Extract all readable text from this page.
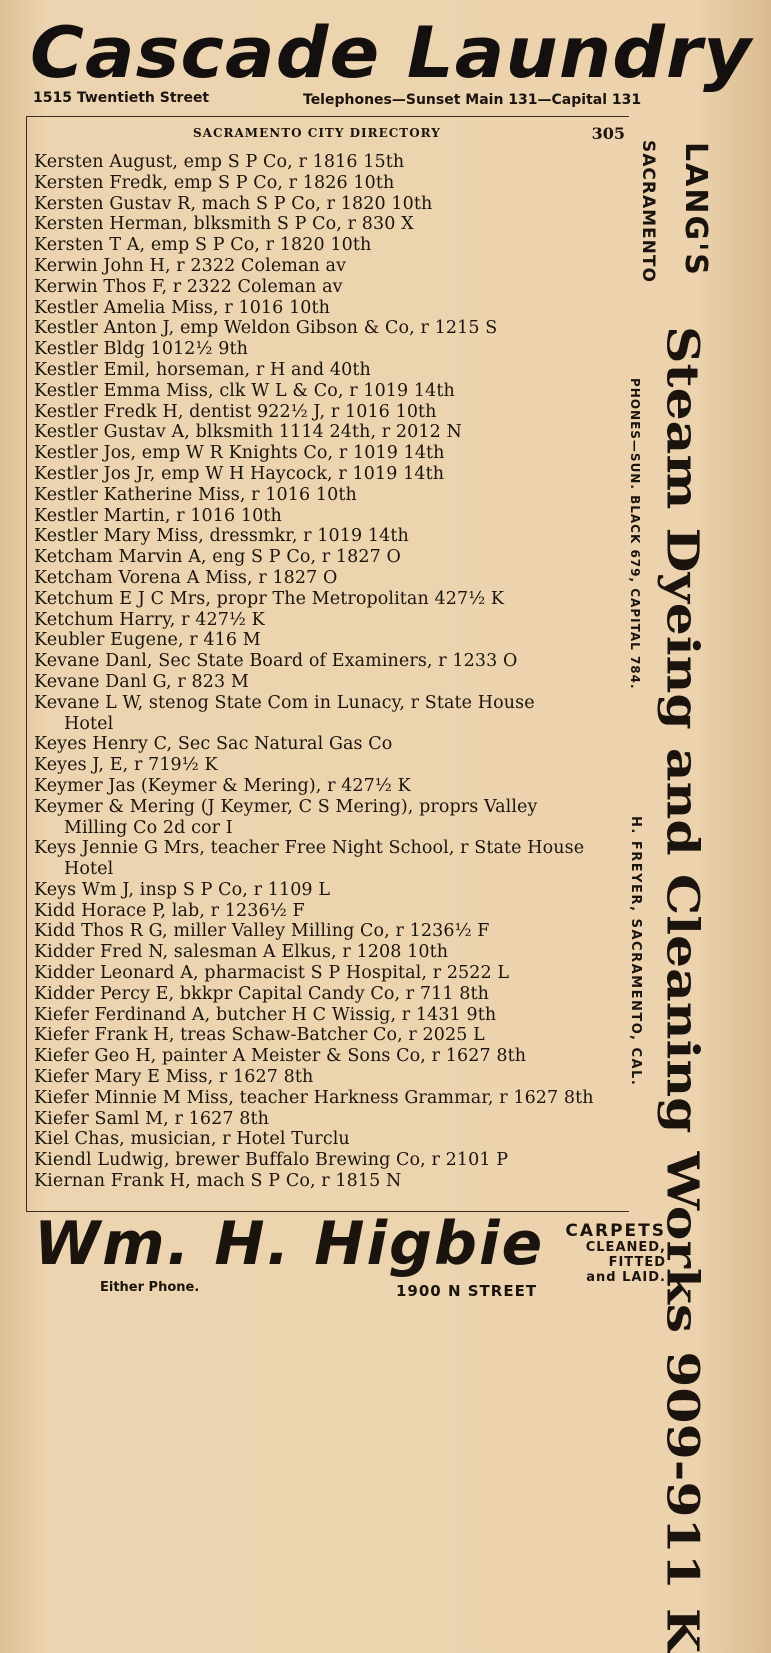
Cascade Laundry
1515 Twentieth Street	Telephones—Sunset Main 131—Capital 131
SACRAMENTO CITY DIRECTORY	305
Kersten August, emp S P Co, r 1816 15th
Kersten Fredk, emp S P Co, r 1826 10th
Kersten Gustav R, mach S P Co, r 1820 10th
Kersten Herman, blksmith S P Co, r 830 X
Kersten T A, emp S P Co, r 1820 10th
Kerwin John H, r 2322 Coleman av
Kerwin Thos F, r 2322 Coleman av
Kestler Amelia Miss, r 1016 10th
Kestler Anton J, emp Weldon Gibson & Co, r 1215 S
Kestler Bldg 1012½ 9th
Kestler Emil, horseman, r H and 40th
Kestler Emma Miss, clk W L & Co, r 1019 14th
Kestler Fredk H, dentist 922½ J, r 1016 10th
Kestler Gustav A, blksmith 1114 24th, r 2012 N
Kestler Jos, emp W R Knights Co, r 1019 14th
Kestler Jos Jr, emp W H Haycock, r 1019 14th
Kestler Katherine Miss, r 1016 10th
Kestler Martin, r 1016 10th
Kestler Mary Miss, dressmkr, r 1019 14th
Ketcham Marvin A, eng S P Co, r 1827 O
Ketcham Vorena A Miss, r 1827 O
Ketchum E J C Mrs, propr The Metropolitan 427½ K
Ketchum Harry, r 427½ K
Keubler Eugene, r 416 M
Kevane Danl, Sec State Board of Examiners, r 1233 O
Kevane Danl G, r 823 M
Kevane L W, stenog State Com in Lunacy, r State House
Hotel
Keyes Henry C, Sec Sac Natural Gas Co
Keyes J, E, r 719½ K
Keymer Jas (Keymer & Mering), r 427½ K
Keymer & Mering (J Keymer, C S Mering), proprs Valley
Milling Co 2d cor I
Keys Jennie G Mrs, teacher Free Night School, r State House
Hotel
Keys Wm J, insp S P Co, r 1109 L
Kidd Horace P, lab, r 1236½ F
Kidd Thos R G, miller Valley Milling Co, r 1236½ F
Kidder Fred N, salesman A Elkus, r 1208 10th
Kidder Leonard A, pharmacist S P Hospital, r 2522 L
Kidder Percy E, bkkpr Capital Candy Co, r 711 8th
Kiefer Ferdinand A, butcher H C Wissig, r 1431 9th
Kiefer Frank H, treas Schaw-Batcher Co, r 2025 L
Kiefer Geo H, painter A Meister & Sons Co, r 1627 8th
Kiefer Mary E Miss, r 1627 8th
Kiefer Minnie M Miss, teacher Harkness Grammar, r 1627 8th
Kiefer Saml M, r 1627 8th
Kiel Chas, musician, r Hotel Turclu
Kiendl Ludwig, brewer Buffalo Brewing Co, r 2101 P
Kiernan Frank H, mach S P Co, r 1815 N
LANG'S
SACRAMENTO
Steam Dyeing and Cleaning Works 909-911 K
PHONES—SUN. BLACK 679, CAPITAL 784.
H. FREYER, SACRAMENTO, CAL.
Wm. H. Higbie
Either Phone.	1900 N STREET
CARPETS
CLEANED,
FITTED
and LAID.
